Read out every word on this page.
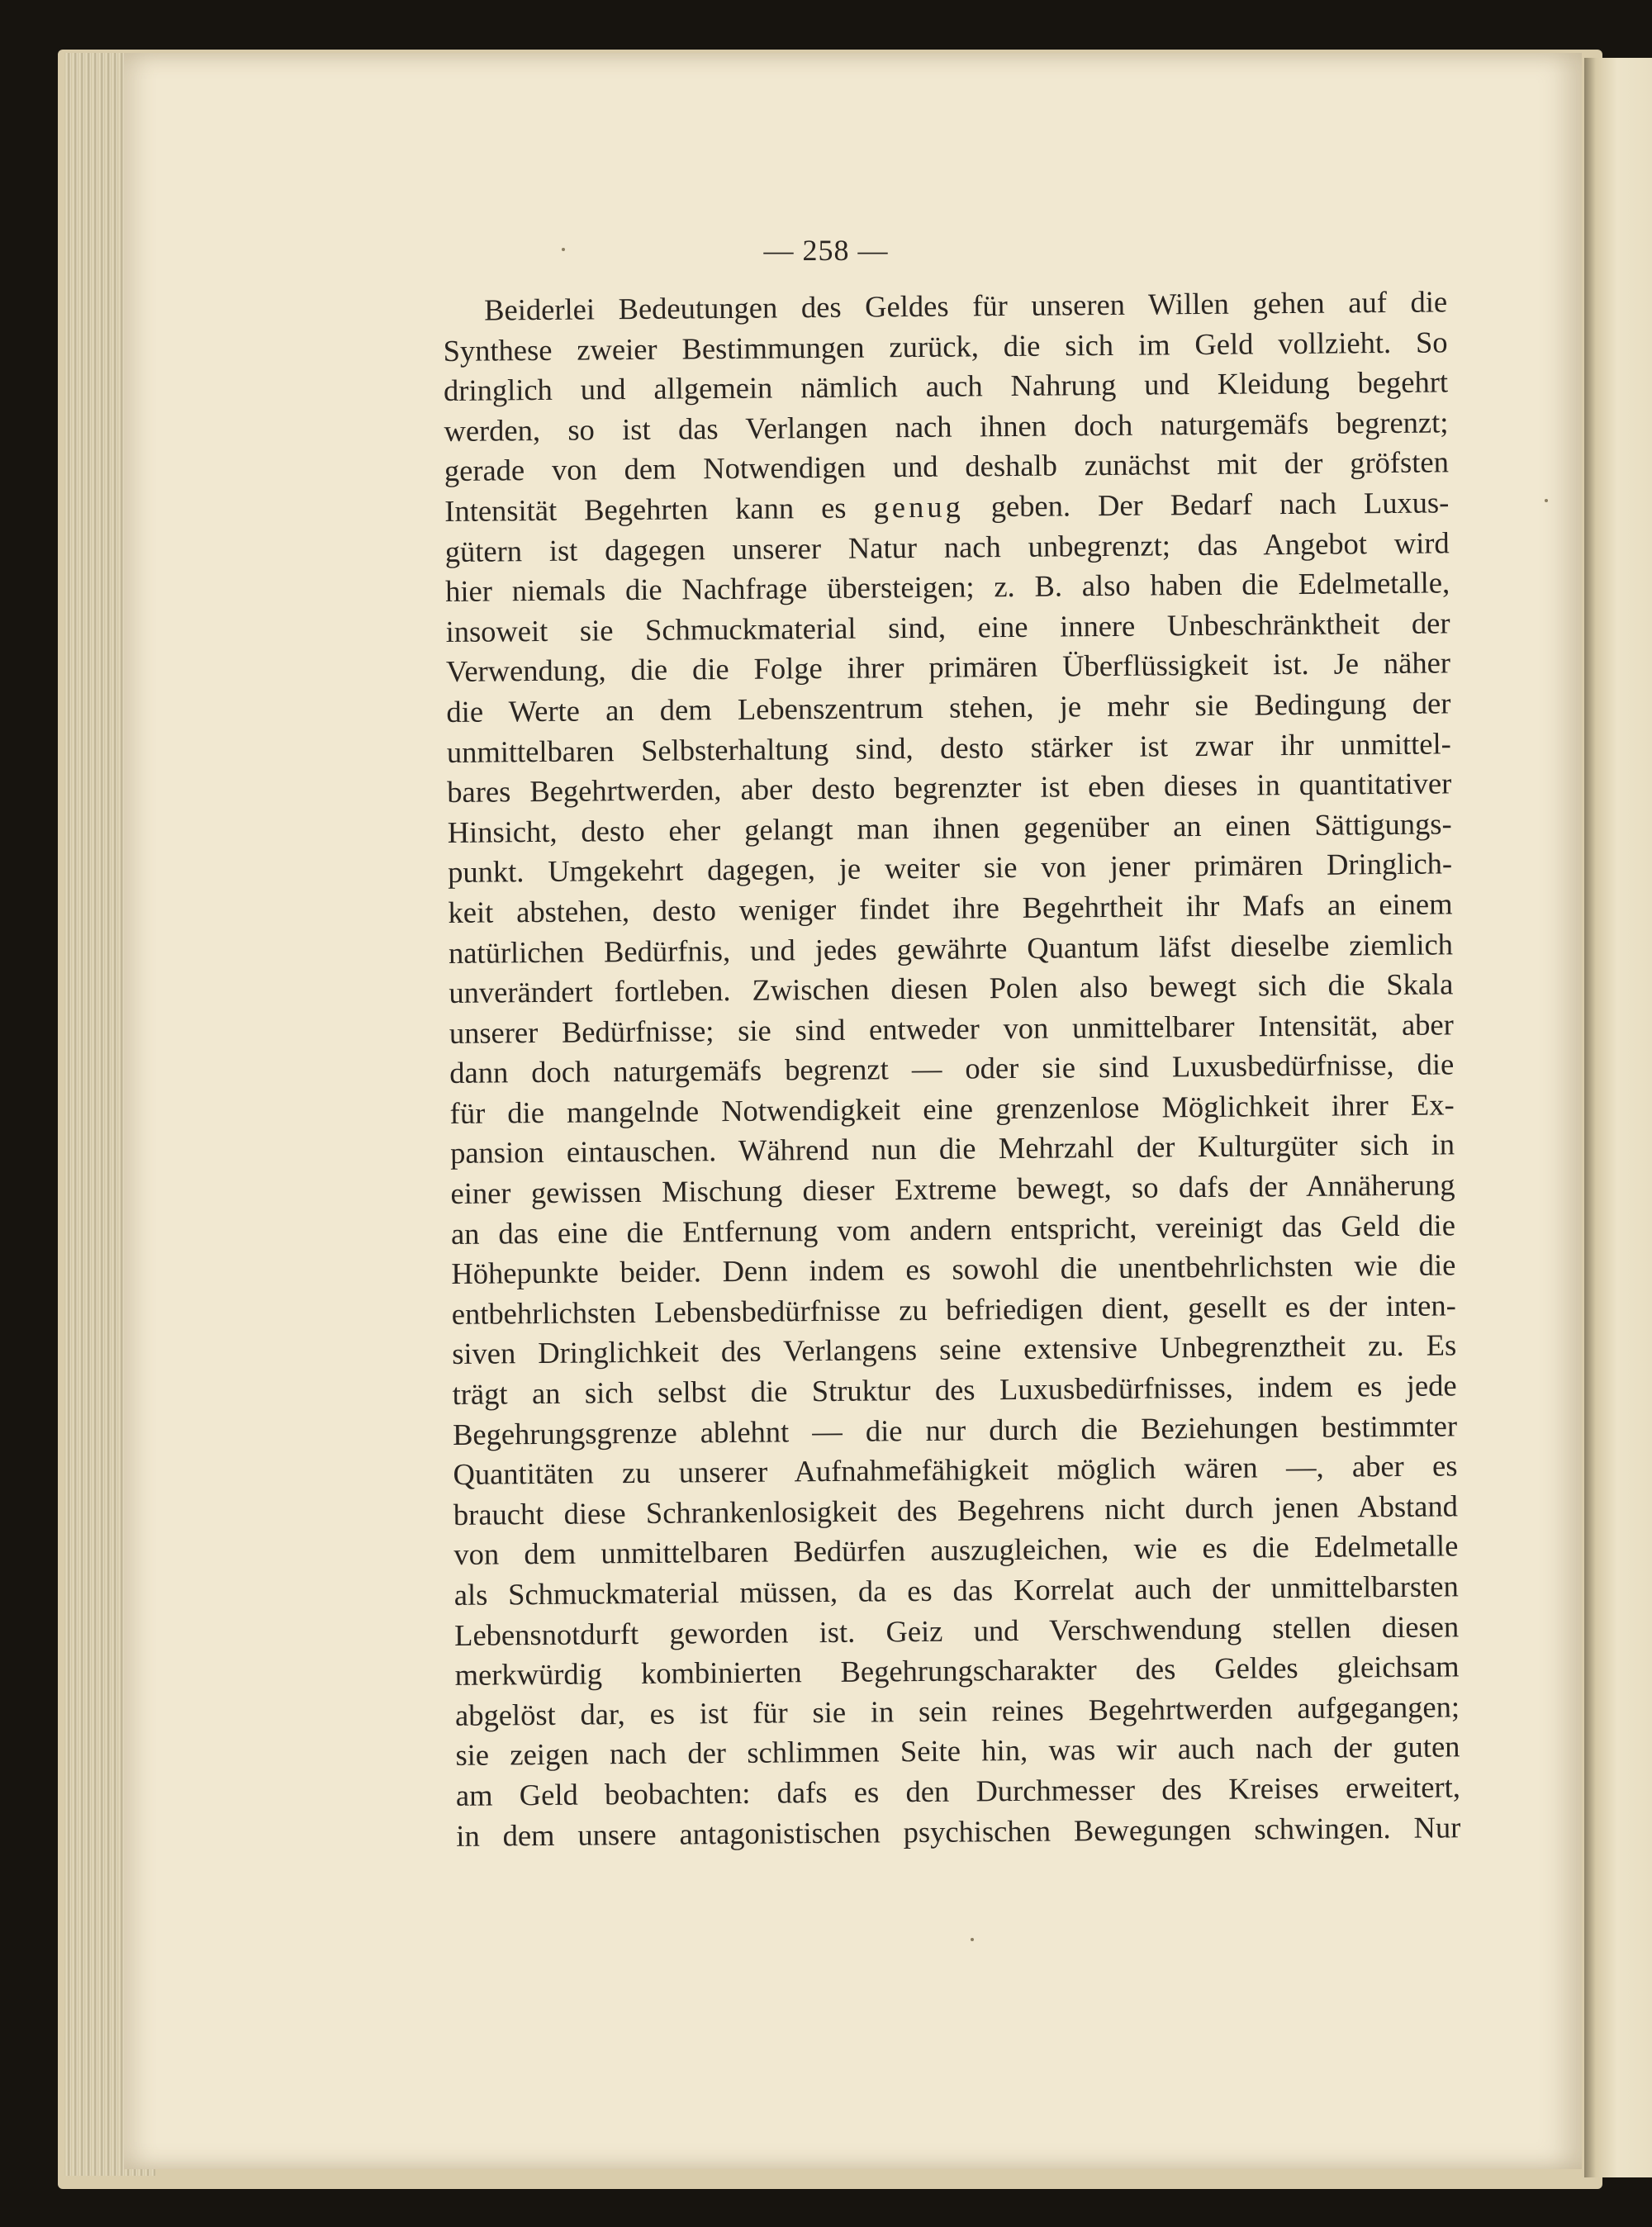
— 258 —
Beiderlei Bedeutungen des Geldes für unseren Willen gehen auf die
Synthese zweier Bestimmungen zurück, die sich im Geld vollzieht. So
dringlich und allgemein nämlich auch Nahrung und Kleidung begehrt
werden, so ist das Verlangen nach ihnen doch naturgemäfs begrenzt;
gerade von dem Notwendigen und deshalb zunächst mit der gröfsten
Intensität Begehrten kann es genug geben. Der Bedarf nach Luxus-
gütern ist dagegen unserer Natur nach unbegrenzt; das Angebot wird
hier niemals die Nachfrage übersteigen; z. B. also haben die Edelmetalle,
insoweit sie Schmuckmaterial sind, eine innere Unbeschränktheit der
Verwendung, die die Folge ihrer primären Überflüssigkeit ist. Je näher
die Werte an dem Lebenszentrum stehen, je mehr sie Bedingung der
unmittelbaren Selbsterhaltung sind, desto stärker ist zwar ihr unmittel-
bares Begehrtwerden, aber desto begrenzter ist eben dieses in quantitativer
Hinsicht, desto eher gelangt man ihnen gegenüber an einen Sättigungs-
punkt. Umgekehrt dagegen, je weiter sie von jener primären Dringlich-
keit abstehen, desto weniger findet ihre Begehrtheit ihr Mafs an einem
natürlichen Bedürfnis, und jedes gewährte Quantum läfst dieselbe ziemlich
unverändert fortleben. Zwischen diesen Polen also bewegt sich die Skala
unserer Bedürfnisse; sie sind entweder von unmittelbarer Intensität, aber
dann doch naturgemäfs begrenzt — oder sie sind Luxusbedürfnisse, die
für die mangelnde Notwendigkeit eine grenzenlose Möglichkeit ihrer Ex-
pansion eintauschen. Während nun die Mehrzahl der Kulturgüter sich in
einer gewissen Mischung dieser Extreme bewegt, so dafs der Annäherung
an das eine die Entfernung vom andern entspricht, vereinigt das Geld die
Höhepunkte beider. Denn indem es sowohl die unentbehrlichsten wie die
entbehrlichsten Lebensbedürfnisse zu befriedigen dient, gesellt es der inten-
siven Dringlichkeit des Verlangens seine extensive Unbegrenztheit zu. Es
trägt an sich selbst die Struktur des Luxusbedürfnisses, indem es jede
Begehrungsgrenze ablehnt — die nur durch die Beziehungen bestimmter
Quantitäten zu unserer Aufnahmefähigkeit möglich wären —, aber es
braucht diese Schrankenlosigkeit des Begehrens nicht durch jenen Abstand
von dem unmittelbaren Bedürfen auszugleichen, wie es die Edelmetalle
als Schmuckmaterial müssen, da es das Korrelat auch der unmittelbarsten
Lebensnotdurft geworden ist. Geiz und Verschwendung stellen diesen
merkwürdig kombinierten Begehrungscharakter des Geldes gleichsam
abgelöst dar, es ist für sie in sein reines Begehrtwerden aufgegangen;
sie zeigen nach der schlimmen Seite hin, was wir auch nach der guten
am Geld beobachten: dafs es den Durchmesser des Kreises erweitert,
in dem unsere antagonistischen psychischen Bewegungen schwingen. Nur
